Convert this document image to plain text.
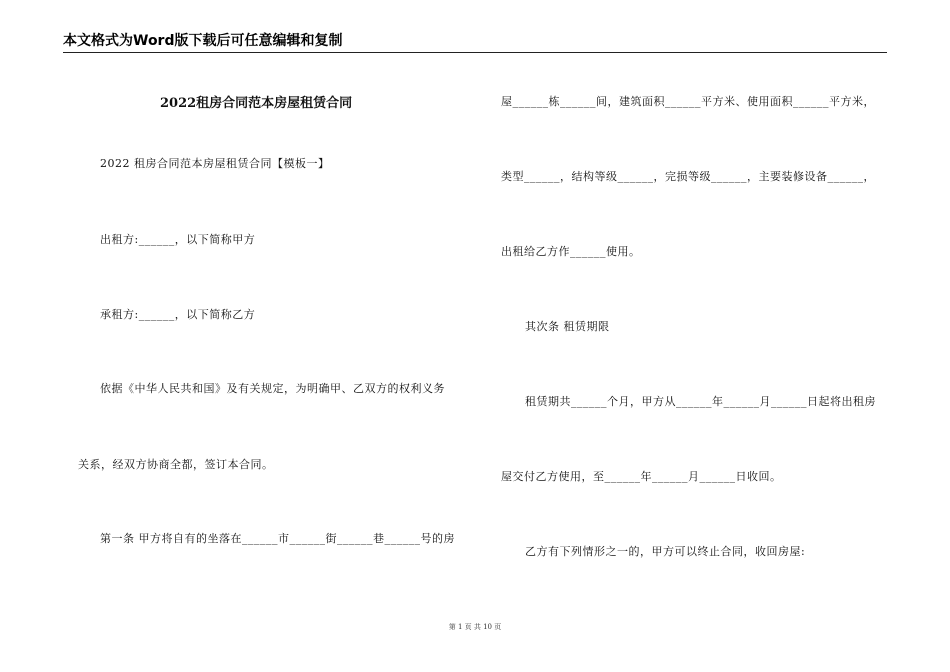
本文格式为Word版下载后可任意编辑和复制
2022租房合同范本房屋租赁合同
2022 租房合同范本房屋租赁合同【模板一】
出租方:______，以下简称甲方
承租方:______，以下简称乙方
依据《中华人民共和国》及有关规定，为明确甲、乙双方的权利义务
关系，经双方协商全都，签订本合同。
第一条 甲方将自有的坐落在______市______街______巷______号的房
屋______栋______间，建筑面积______平方米、使用面积______平方米，
类型______，结构等级______，完损等级______，主要装修设备______，
出租给乙方作______使用。
其次条 租赁期限
租赁期共______个月，甲方从______年______月______日起将出租房
屋交付乙方使用，至______年______月______日收回。
乙方有下列情形之一的，甲方可以终止合同，收回房屋:
第 1 页 共 10 页
